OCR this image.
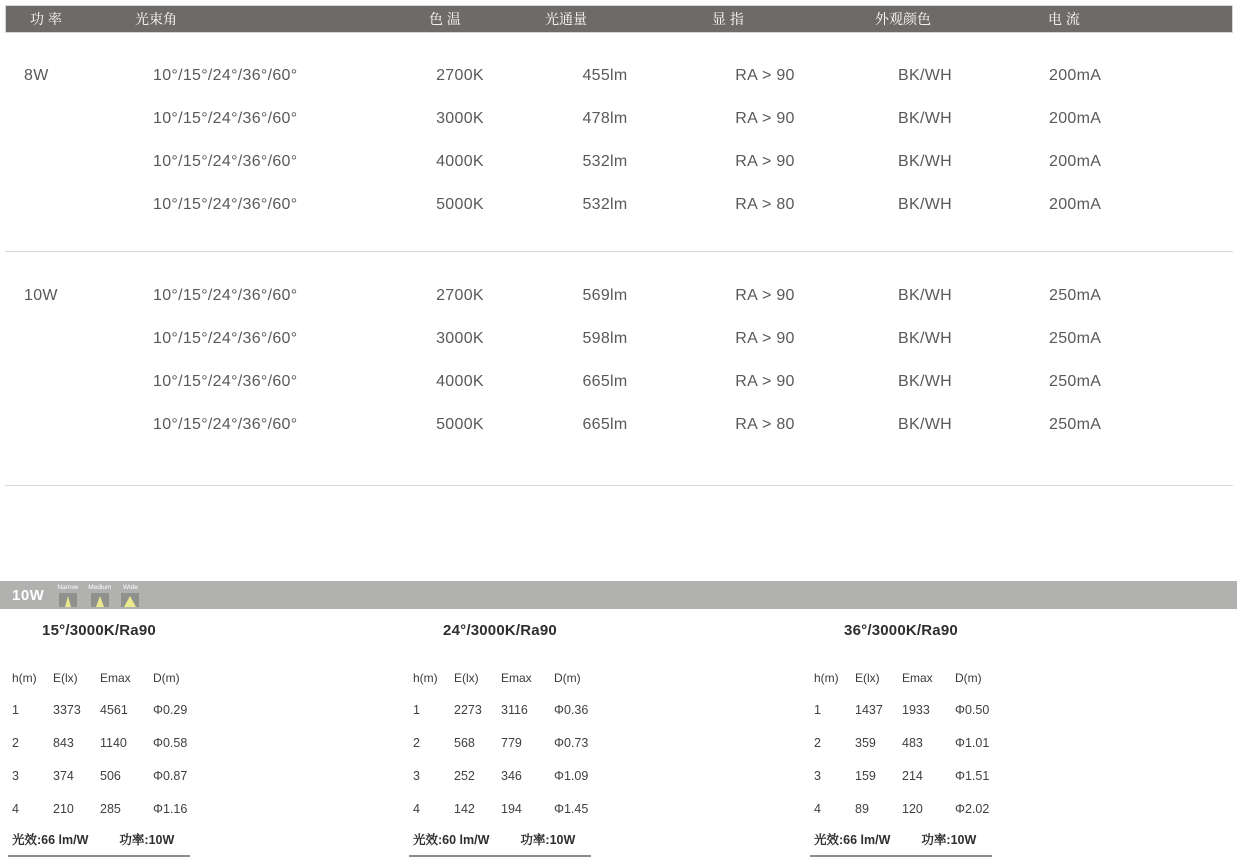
功 率	光束角	色 温	光通量	显 指	外观颜色	电 流
8W	10°/15°/24°/36°/60°	2700K	455lm	RA > 90	BK/WH	200mA
10°/15°/24°/36°/60°	3000K	478lm	RA > 90	BK/WH	200mA
10°/15°/24°/36°/60°	4000K	532lm	RA > 90	BK/WH	200mA
10°/15°/24°/36°/60°	5000K	532lm	RA > 80	BK/WH	200mA
10W	10°/15°/24°/36°/60°	2700K	569lm	RA > 90	BK/WH	250mA
10°/15°/24°/36°/60°	3000K	598lm	RA > 90	BK/WH	250mA
10°/15°/24°/36°/60°	4000K	665lm	RA > 90	BK/WH	250mA
10°/15°/24°/36°/60°	5000K	665lm	RA > 80	BK/WH	250mA
10W Narrow Medium Wide
15°/3000K/Ra90
h(m)	E(lx)	Emax	D(m)
1	3373	4561	Φ0.29
2	843	1140	Φ0.58
3	374	506	Φ0.87
4	210	285	Φ1.16
光效:66 lm/W 功率:10W
24°/3000K/Ra90
h(m)	E(lx)	Emax	D(m)
1	2273	3116	Φ0.36
2	568	779	Φ0.73
3	252	346	Φ1.09
4	142	194	Φ1.45
光效:60 lm/W 功率:10W
36°/3000K/Ra90
h(m)	E(lx)	Emax	D(m)
1	1437	1933	Φ0.50
2	359	483	Φ1.01
3	159	214	Φ1.51
4	89	120	Φ2.02
光效:66 lm/W 功率:10W
